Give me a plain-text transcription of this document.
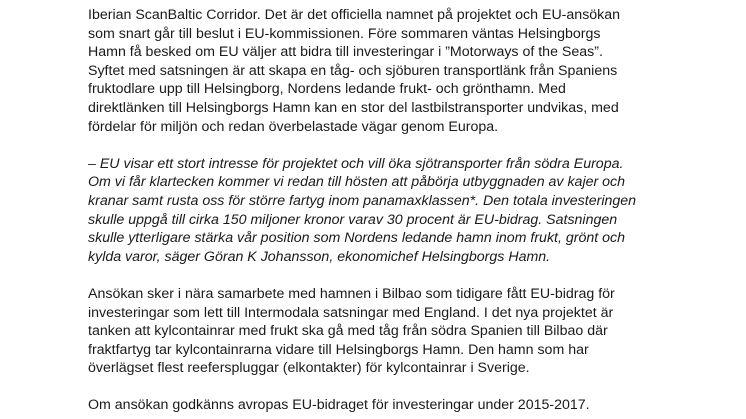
Iberian ScanBaltic Corridor. Det är det officiella namnet på projektet och EU-ansökan
som snart går till beslut i EU-kommissionen. Före sommaren väntas Helsingborgs
Hamn få besked om EU väljer att bidra till investeringar i ”Motorways of the Seas”.
Syftet med satsningen är att skapa en tåg- och sjöburen transportlänk från Spaniens
fruktodlare upp till Helsingborg, Nordens ledande frukt- och grönthamn. Med
direktlänken till Helsingborgs Hamn kan en stor del lastbilstransporter undvikas, med
fördelar för miljön och redan överbelastade vägar genom Europa.

– EU visar ett stort intresse för projektet och vill öka sjötransporter från södra Europa.
Om vi får klartecken kommer vi redan till hösten att påbörja utbyggnaden av kajer och
kranar samt rusta oss för större fartyg inom panamaxklassen*. Den totala investeringen
skulle uppgå till cirka 150 miljoner kronor varav 30 procent är EU-bidrag. Satsningen
skulle ytterligare stärka vår position som Nordens ledande hamn inom frukt, grönt och
kylda varor, säger Göran K Johansson, ekonomichef Helsingborgs Hamn.

Ansökan sker i nära samarbete med hamnen i Bilbao som tidigare fått EU-bidrag för
investeringar som lett till Intermodala satsningar med England. I det nya projektet är
tanken att kylcontainrar med frukt ska gå med tåg från södra Spanien till Bilbao där
fraktfartyg tar kylcontainrarna vidare till Helsingborgs Hamn. Den hamn som har
överlägset flest reeferspluggar (elkontakter) för kylcontainrar i Sverige.

Om ansökan godkänns avropas EU-bidraget för investeringar under 2015-2017.
